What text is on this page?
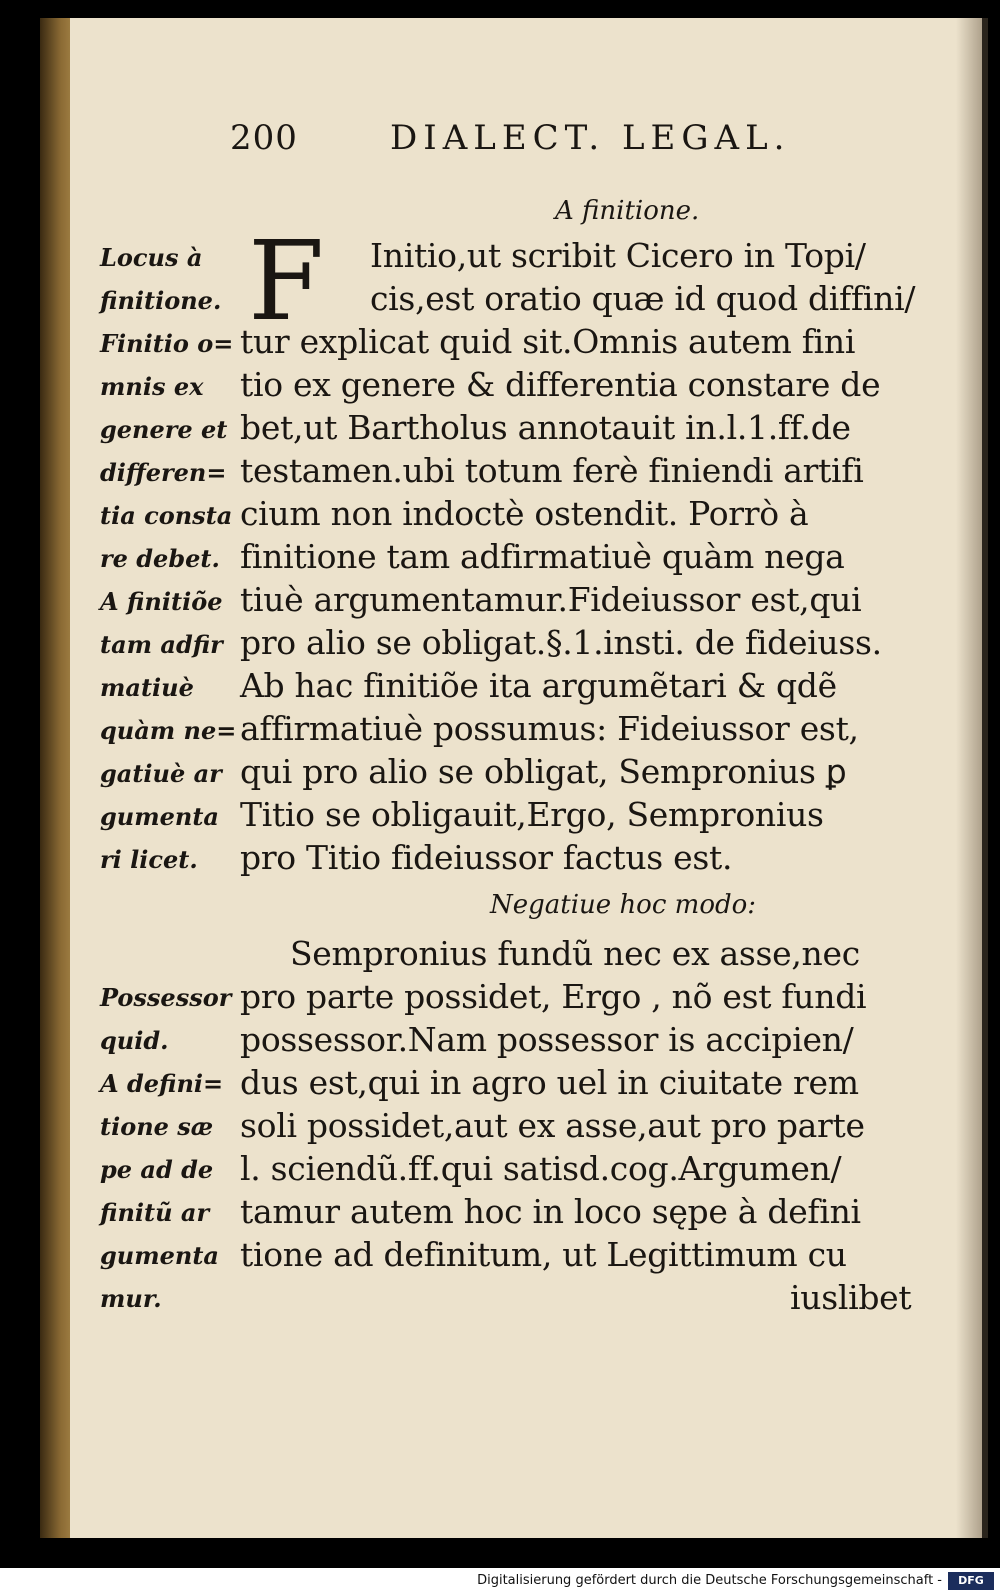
200	DIALECT. LEGAL.
A finitione.
F
Locus à
finitione.
Finitio o=
mnis ex
genere et
differen=
tia consta
re debet.
A finitiõe
tam adfir
matiuè
quàm ne=
gatiuè ar
gumenta
ri licet.
Possessor
quid.
A defini=
tione sæ
pe ad de
finitũ ar
gumenta
mur.
Initio,ut scribit Cicero in Topi/
cis,est oratio quæ id quod diffini/
tur explicat quid sit.Omnis autem fini
tio ex genere & differentia constare de
bet,ut Bartholus annotauit in.l.1.ff.de
testamen.ubi totum ferè finiendi artifi
cium non indoctè ostendit. Porrò à
finitione tam adfirmatiuè quàm nega
tiuè argumentamur.Fideiussor est,qui
pro alio se obligat.§.1.insti. de fideiuss.
Ab hac finitiõe ita argumẽtari & qdẽ
affirmatiuè possumus: Fideiussor est,
qui pro alio se obligat, Sempronius ꝑ
Titio se obligauit,Ergo, Sempronius
pro Titio fideiussor factus est.
Negatiue hoc modo:
Sempronius fundũ nec ex asse,nec
pro parte possidet, Ergo , nõ est fundi
possessor.Nam possessor is accipien/
dus est,qui in agro uel in ciuitate rem
soli possidet,aut ex asse,aut pro parte
l. sciendũ.ff.qui satisd.cog.Argumen/
tamur autem hoc in loco sępe à defini
tione ad definitum, ut Legittimum cu
iuslibet
Digitalisierung gefördert durch die Deutsche Forschungsgemeinschaft -	DFG
